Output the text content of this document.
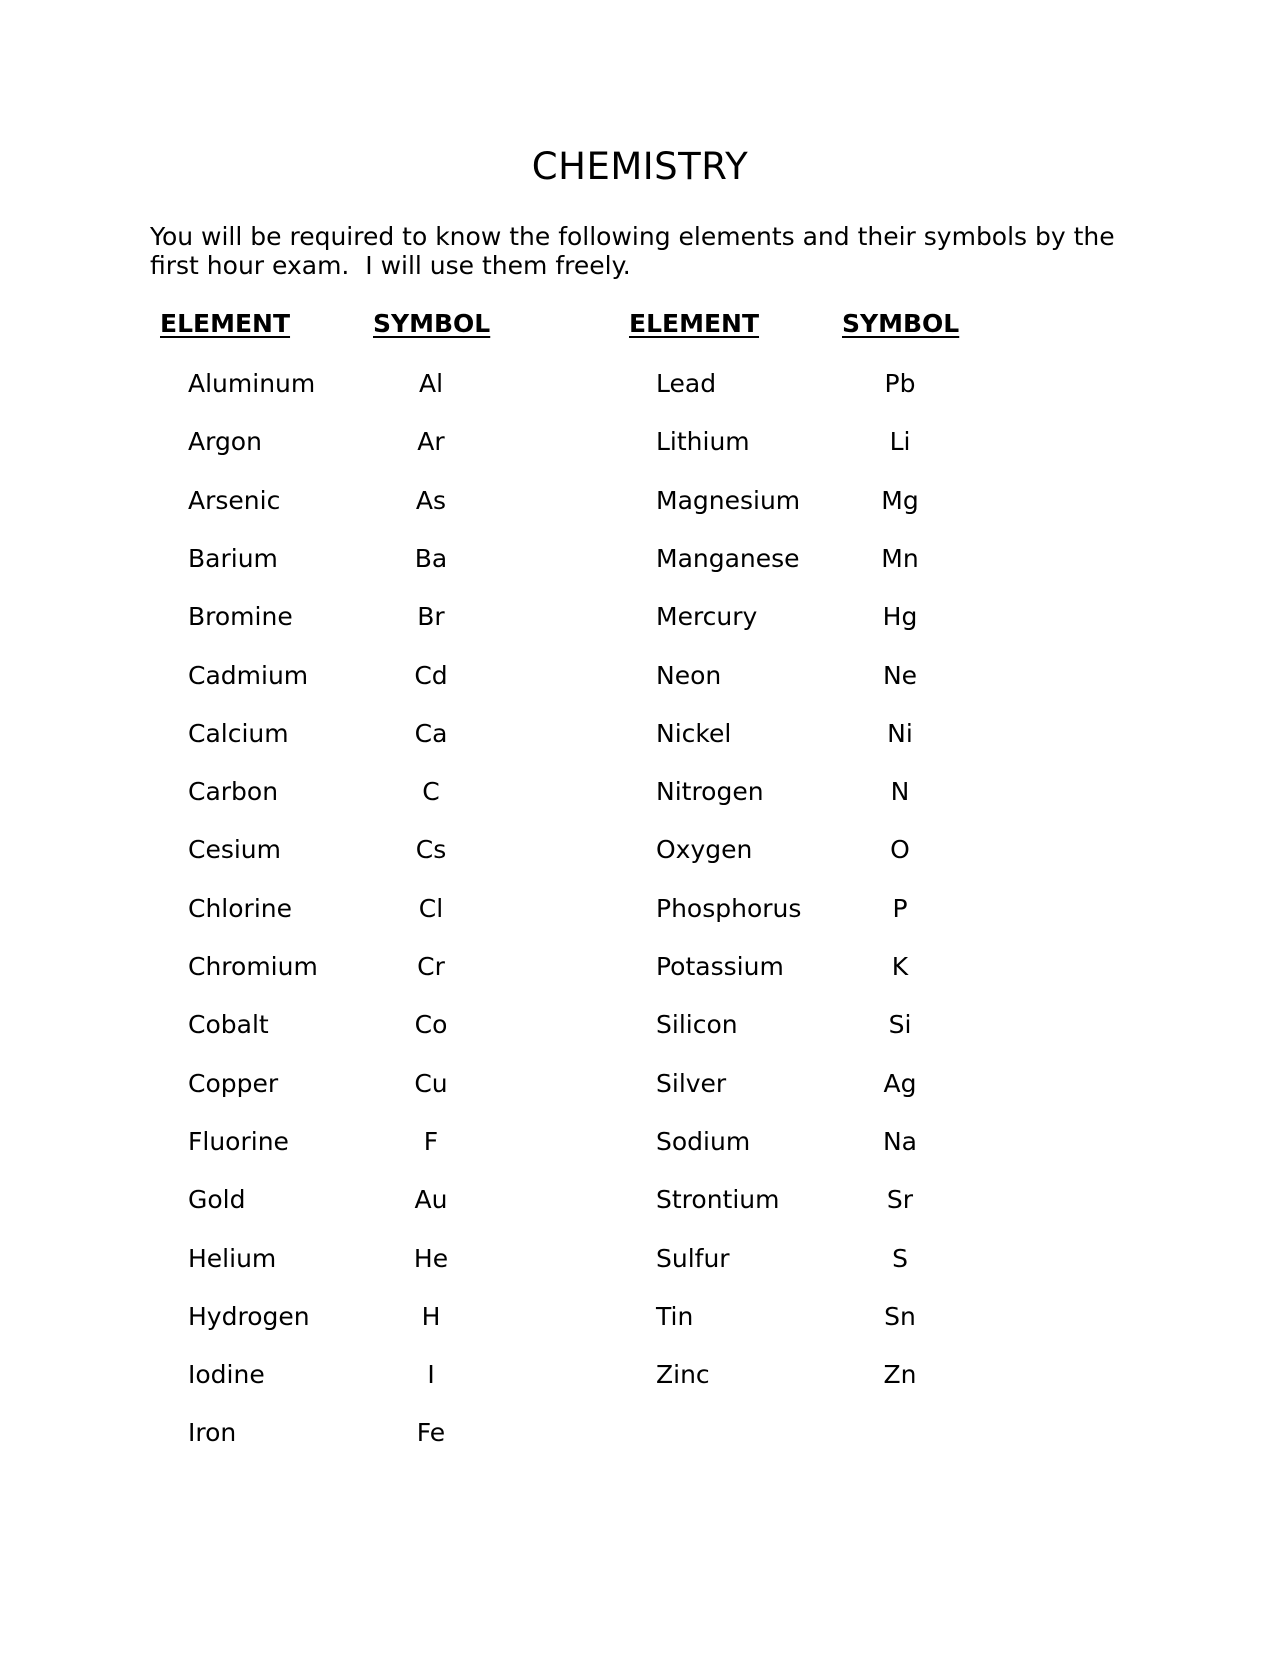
CHEMISTRY
You will be required to know the following elements and their symbols by the
first hour exam.  I will use them freely.
ELEMENT	SYMBOL	ELEMENT	SYMBOL
Aluminum	Al
Argon	Ar
Arsenic	As
Barium	Ba
Bromine	Br
Cadmium	Cd
Calcium	Ca
Carbon	C
Cesium	Cs
Chlorine	Cl
Chromium	Cr
Cobalt	Co
Copper	Cu
Fluorine	F
Gold	Au
Helium	He
Hydrogen	H
Iodine	I
Iron	Fe
Lead	Pb
Lithium	Li
Magnesium	Mg
Manganese	Mn
Mercury	Hg
Neon	Ne
Nickel	Ni
Nitrogen	N
Oxygen	O
Phosphorus	P
Potassium	K
Silicon	Si
Silver	Ag
Sodium	Na
Strontium	Sr
Sulfur	S
Tin	Sn
Zinc	Zn
